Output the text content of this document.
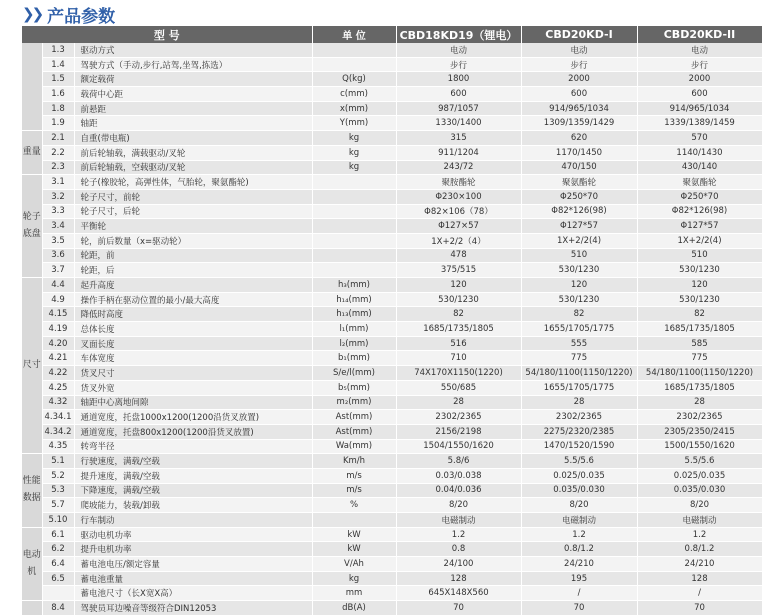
❯❯ 产品参数
型 号			单 位	CBD18KD19（锂电）	CBD20KD-I	CBD20KD-II
	1.3	驱动方式		电动	电动	电动
	1.4	驾驶方式（手动,步行,站驾,坐驾,拣选）		步行	步行	步行
	1.5	额定载荷	Q(kg)	1800	2000	2000
	1.6	载荷中心距	c(mm)	600	600	600
	1.8	前悬距	x(mm)	987/1057	914/965/1034	914/965/1034
	1.9	轴距	Y(mm)	1330/1400	1309/1359/1429	1339/1389/1459
重量	2.1	自重(带电瓶)	kg	315	620	570
	2.2	前后轮轴载，满载驱动/叉轮	kg	911/1204	1170/1450	1140/1430
	2.3	前后轮轴载，空载驱动/叉轮	kg	243/72	470/150	430/140
轮子底盘	3.1	轮子(橡胶轮，高弹性体，气胎轮，聚氨酯轮)		聚胺酯轮	聚氨酯轮	聚氨酯轮
	3.2	轮子尺寸，前轮		Φ230×100	Φ250*70	Φ250*70
	3.3	轮子尺寸，后轮		Φ82×106（78）	Φ82*126(98)	Φ82*126(98)
	3.4	平衡轮		Φ127×57	Φ127*57	Φ127*57
	3.5	轮，前后数量（x=驱动轮）		1X+2/2（4）	1X+2/2(4)	1X+2/2(4)
	3.6	轮距，前		478	510	510
	3.7	轮距，后		375/515	530/1230	530/1230
尺寸	4.4	起升高度	h₃(mm)	120	120	120
	4.9	操作手柄在驱动位置的最小/最大高度	h₁₄(mm)	530/1230	530/1230	530/1230
	4.15	降低时高度	h₁₃(mm)	82	82	82
	4.19	总体长度	l₁(mm)	1685/1735/1805	1655/1705/1775	1685/1735/1805
	4.20	叉面长度	l₂(mm)	516	555	585
	4.21	车体宽度	b₁(mm)	710	775	775
	4.22	货叉尺寸	S/e/l(mm)	74X170X1150(1220)	54/180/1100(1150/1220)	54/180/1100(1150/1220)
	4.25	货叉外宽	b₅(mm)	550/685	1655/1705/1775	1685/1735/1805
	4.32	轴距中心离地间隙	m₂(mm)	28	28	28
	4.34.1	通道宽度，托盘1000x1200(1200沿货叉放置)	Ast(mm)	2302/2365	2302/2365	2302/2365
	4.34.2	通道宽度，托盘800x1200(1200沿货叉放置)	Ast(mm)	2156/2198	2275/2320/2385	2305/2350/2415
	4.35	转弯半径	Wa(mm)	1504/1550/1620	1470/1520/1590	1500/1550/1620
性能数据	5.1	行驶速度，满载/空载	Km/h	5.8/6	5.5/5.6	5.5/5.6
	5.2	提升速度，满载/空载	m/s	0.03/0.038	0.025/0.035	0.025/0.035
	5.3	下降速度，满载/空载	m/s	0.04/0.036	0.035/0.030	0.035/0.030
	5.7	爬坡能力，装载/卸载	%	8/20	8/20	8/20
	5.10	行车制动		电磁制动	电磁制动	电磁制动
电动机	6.1	驱动电机功率	kW	1.2	1.2	1.2
	6.2	提升电机功率	kW	0.8	0.8/1.2	0.8/1.2
	6.4	蓄电池电压/额定容量	V/Ah	24/100	24/210	24/210
	6.5	蓄电池重量	kg	128	195	128
		蓄电池尺寸（长X宽X高）	mm	645X148X560	/	/
	8.4	驾驶员耳边噪音等级符合DIN12053	dB(A)	70	70	70
